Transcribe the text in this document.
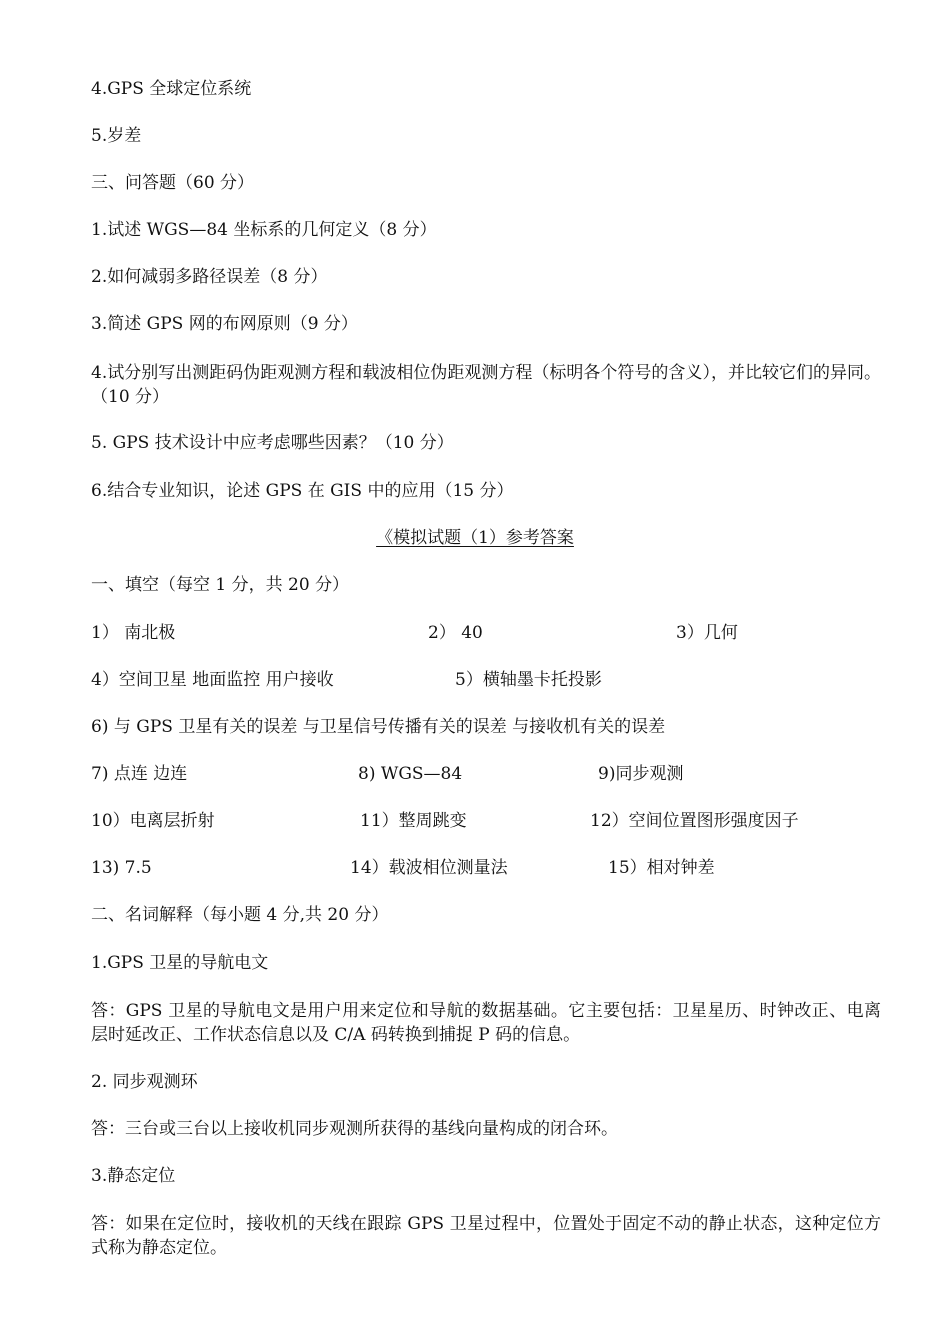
4.GPS 全球定位系统
5.岁差
三、问答题（60 分）
1.试述 WGS—84 坐标系的几何定义（8 分）
2.如何减弱多路径误差（8 分）
3.简述 GPS 网的布网原则（9 分）
4.试分别写出测距码伪距观测方程和载波相位伪距观测方程（标明各个符号的含义），并比较它们的异同。（10 分）
5. GPS 技术设计中应考虑哪些因素？（10 分）
6.结合专业知识，论述 GPS 在 GIS 中的应用（15 分）
《模拟试题（1）参考答案
一、填空（每空 1 分，共 20 分）
1） 南北极	2） 40	3）几何
4）空间卫星 地面监控 用户接收	5）横轴墨卡托投影
6) 与 GPS 卫星有关的误差 与卫星信号传播有关的误差 与接收机有关的误差
7) 点连 边连	8) WGS—84	9)同步观测
10）电离层折射	11）整周跳变	12）空间位置图形强度因子
13) 7.5	14）载波相位测量法	15）相对钟差
二、名词解释（每小题 4 分,共 20 分）
1.GPS 卫星的导航电文
答：GPS 卫星的导航电文是用户用来定位和导航的数据基础。它主要包括：卫星星历、时钟改正、电离层时延改正、工作状态信息以及 C/A 码转换到捕捉 P 码的信息。
2. 同步观测环
答：三台或三台以上接收机同步观测所获得的基线向量构成的闭合环。
3.静态定位
答：如果在定位时，接收机的天线在跟踪 GPS 卫星过程中，位置处于固定不动的静止状态，这种定位方式称为静态定位。
